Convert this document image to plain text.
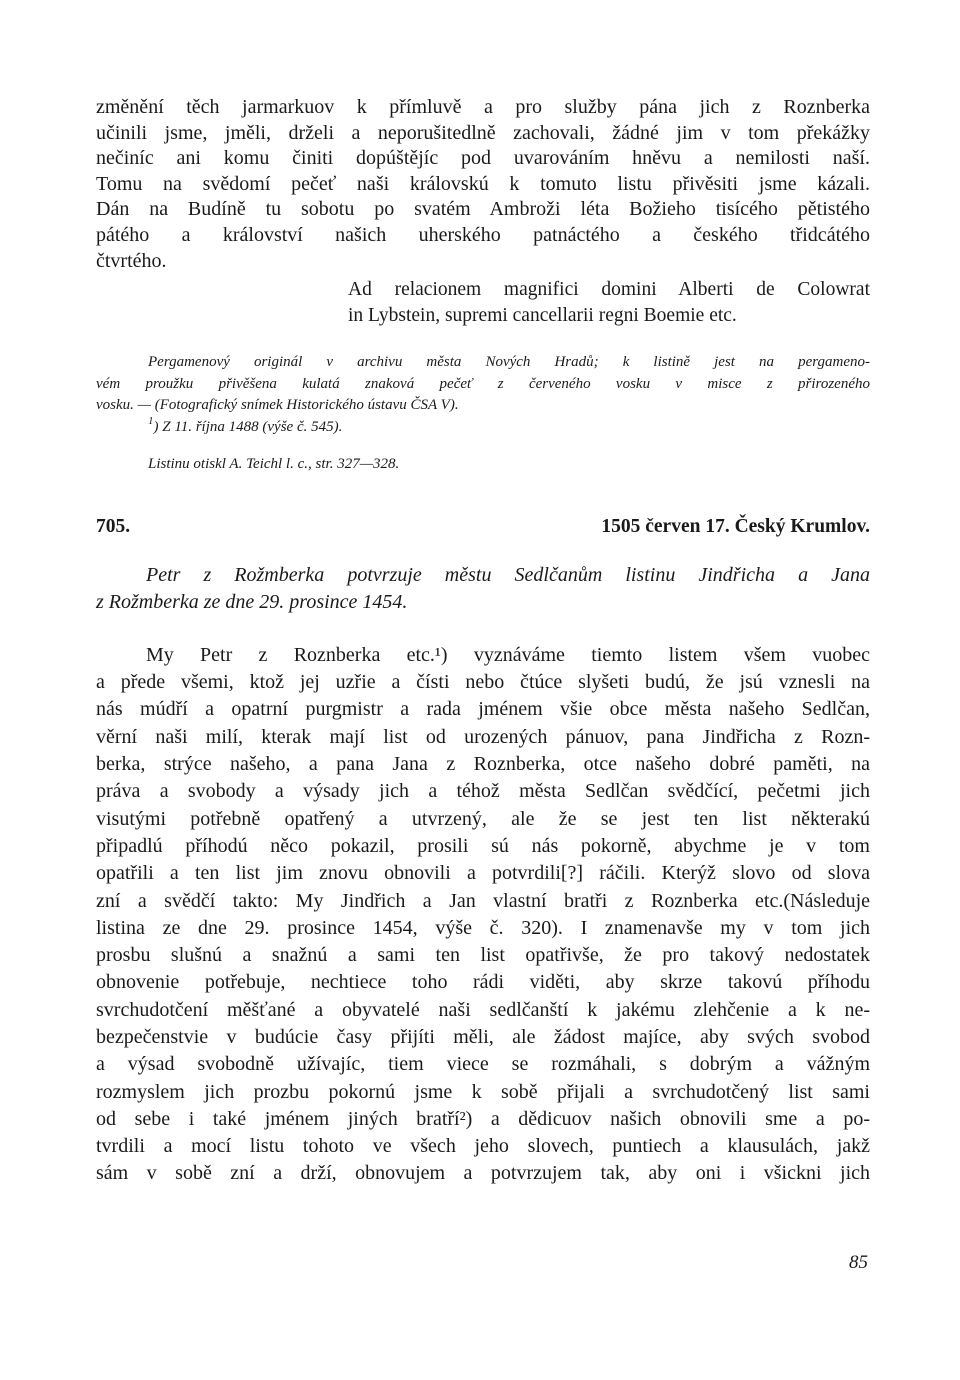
změnění těch jarmarkuov k přímluvě a pro služby pána jich z Roznberka
učinili jsme, jměli, drželi a neporušitedlně zachovali, žádné jim v tom překážky
nečiníc ani komu činiti dopúštějíc pod uvarováním hněvu a nemilosti naší.
Tomu na svědomí pečeť naši královskú k tomuto listu přivěsiti jsme kázali.
Dán na Budíně tu sobotu po svatém Ambroži léta Božieho tisícého pětistého
pátého a království našich uherského patnáctého a českého třidcátého
čtvrtého.
Ad relacionem magnifici domini Alberti de Colowrat
in Lybstein, supremi cancellarii regni Boemie etc.
Pergamenový originál v archivu města Nových Hradů; k listině jest na pergameno-
vém proužku přivěšena kulatá znaková pečeť z červeného vosku v misce z přirozeného
vosku. — (Fotografický snímek Historického ústavu ČSA V).
$^1$) Z 11. října 1488 (výše č. 545).
Listinu otiskl A. Teichl l. c., str. 327—328.
705.	1505 červen 17. Český Krumlov.
Petr z Rožmberka potvrzuje městu Sedlčanům listinu Jindřicha a Jana
z Rožmberka ze dne 29. prosince 1454.
My Petr z Roznberka etc.¹) vyznáváme tiemto listem všem vuobec
a přede všemi, ktož jej uzřie a čísti nebo čtúce slyšeti budú, že jsú vznesli na
nás múdří a opatrní purgmistr a rada jménem všie obce města našeho Sedlčan,
věrní naši milí, kterak mají list od urozených pánuov, pana Jindřicha z Rozn-
berka, strýce našeho, a pana Jana z Roznberka, otce našeho dobré paměti, na
práva a svobody a výsady jich a téhož města Sedlčan svědčící, pečetmi jich
visutými potřebně opatřený a utvrzený, ale že se jest ten list některakú
připadlú příhodú něco pokazil, prosili sú nás pokorně, abychme je v tom
opatřili a ten list jim znovu obnovili a potvrdili[?] ráčili. Kterýž slovo od slova
zní a svědčí takto: My Jindřich a Jan vlastní bratři z Roznberka etc.(Následuje
listina ze dne 29. prosince 1454, výše č. 320). I znamenavše my v tom jich
prosbu slušnú a snažnú a sami ten list opatřivše, že pro takový nedostatek
obnovenie potřebuje, nechtiece toho rádi viděti, aby skrze takovú příhodu
svrchudotčení měšťané a obyvatelé naši sedlčanští k jakému zlehčenie a k ne-
bezpečenstvie v budúcie časy přijíti měli, ale žádost majíce, aby svých svobod
a výsad svobodně užívajíc, tiem viece se rozmáhali, s dobrým a vážným
rozmyslem jich prozbu pokornú jsme k sobě přijali a svrchudotčený list sami
od sebe i také jménem jiných bratří²) a dědicuov našich obnovili sme a po-
tvrdili a mocí listu tohoto ve všech jeho slovech, puntiech a klausulách, jakž
sám v sobě zní a drží, obnovujem a potvrzujem tak, aby oni i všickni jich
85
